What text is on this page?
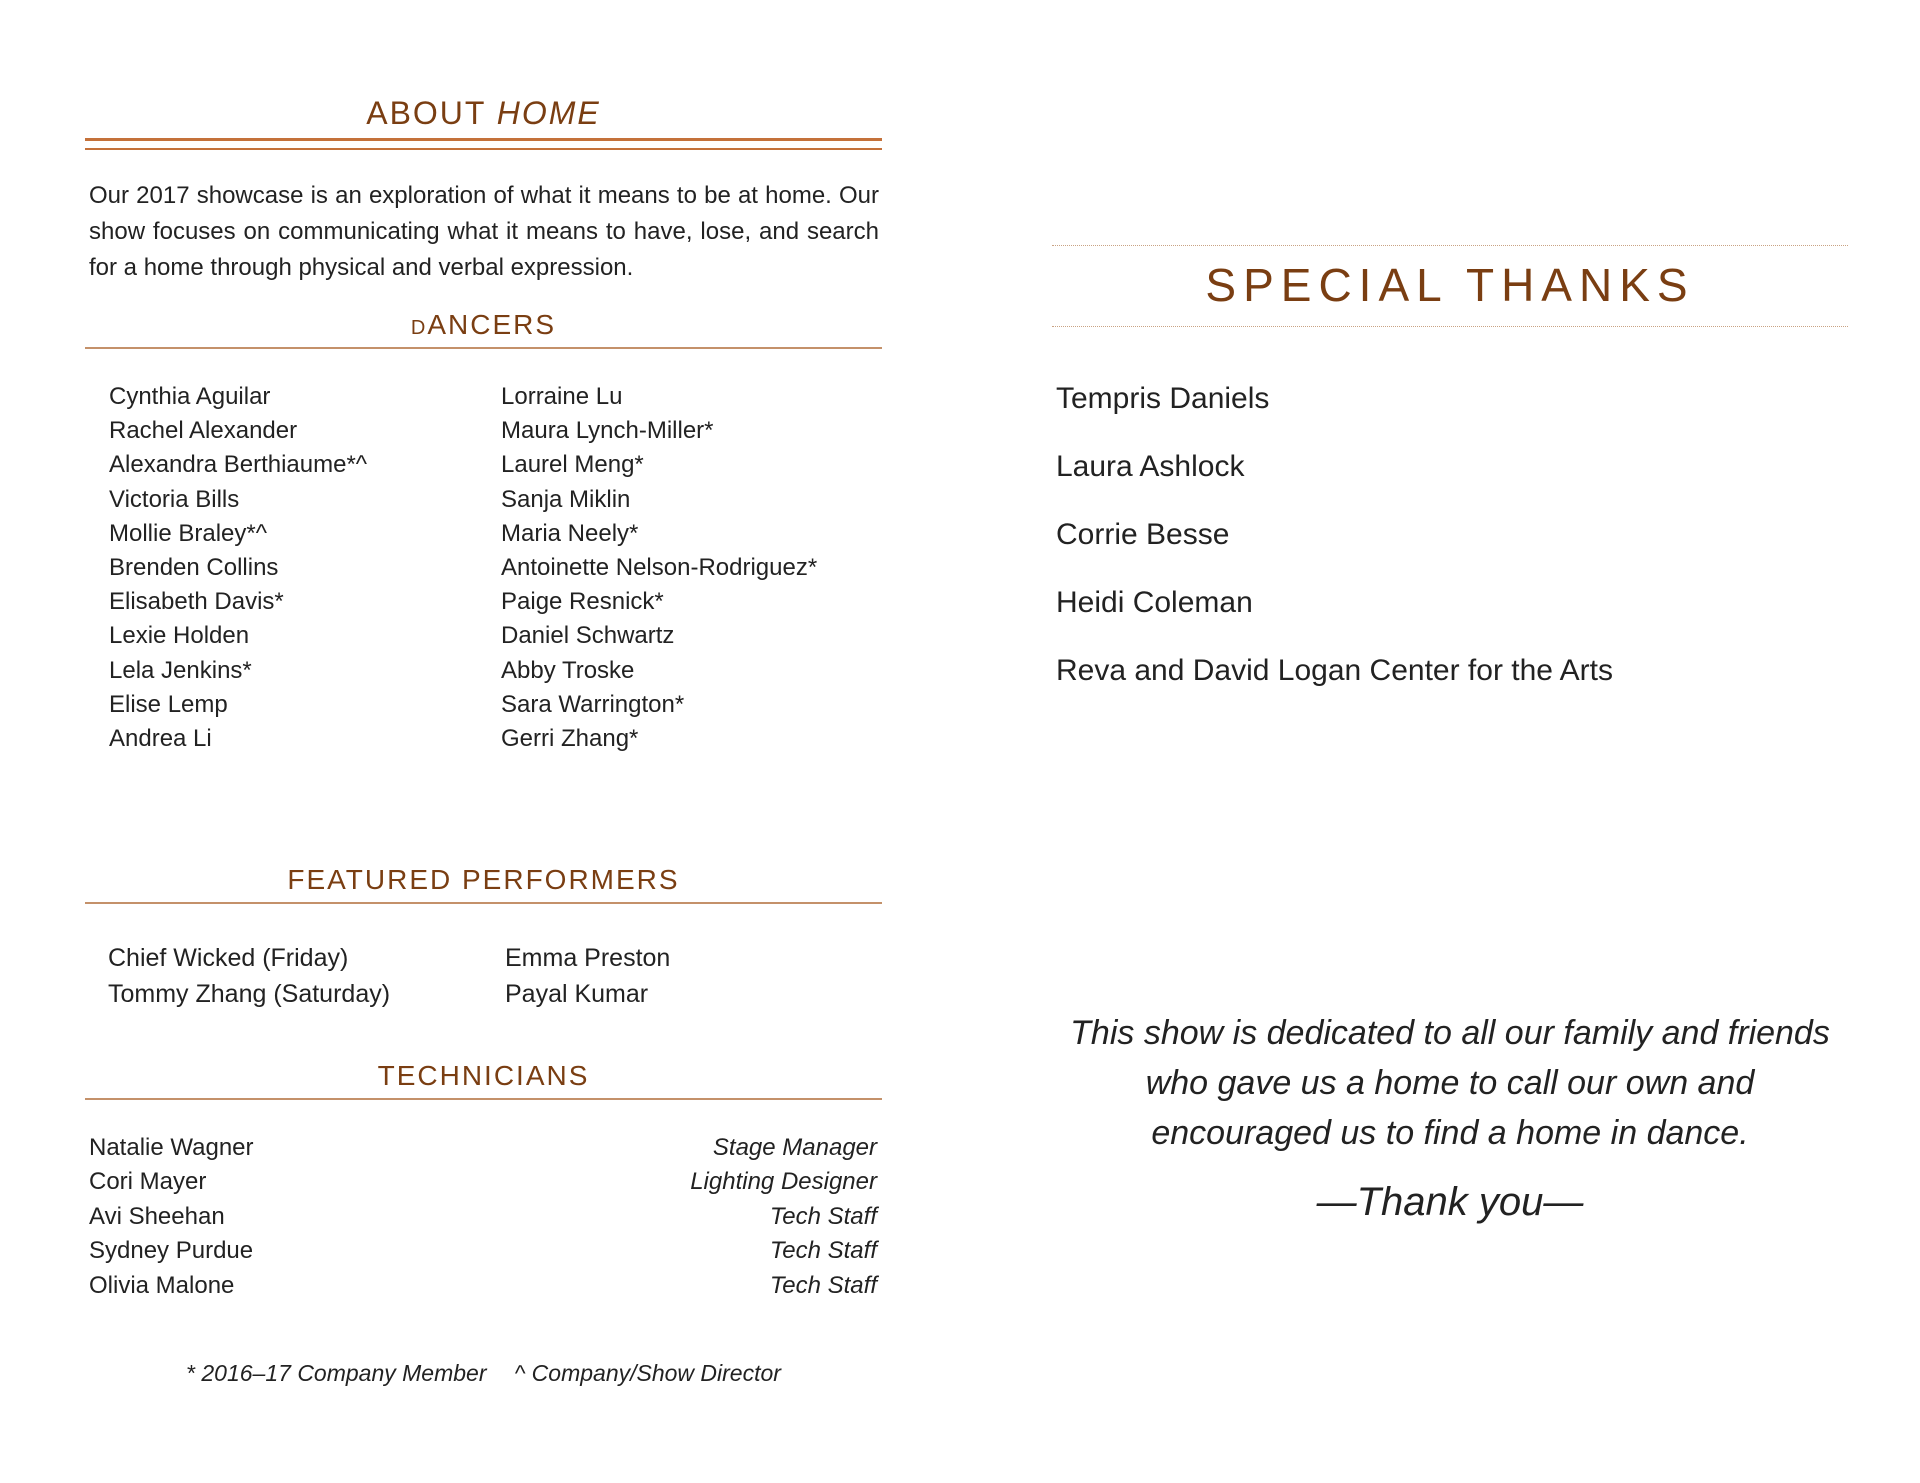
ABOUT HOME
Our 2017 showcase is an exploration of what it means to be at home. Our show focuses on communicating what it means to have, lose, and search for a home through physical and verbal expression.
DANCERS
Cynthia Aguilar
Rachel Alexander
Alexandra Berthiaume*^
Victoria Bills
Mollie Braley*^
Brenden Collins
Elisabeth Davis*
Lexie Holden
Lela Jenkins*
Elise Lemp
Andrea Li
Lorraine Lu
Maura Lynch-Miller*
Laurel Meng*
Sanja Miklin
Maria Neely*
Antoinette Nelson-Rodriguez*
Paige Resnick*
Daniel Schwartz
Abby Troske
Sara Warrington*
Gerri Zhang*
FEATURED PERFORMERS
Chief Wicked (Friday)
Tommy Zhang (Saturday)
Emma Preston
Payal Kumar
TECHNICIANS
Natalie Wagner	Stage Manager
Cori Mayer	Lighting Designer
Avi Sheehan	Tech Staff
Sydney Purdue	Tech Staff
Olivia Malone	Tech Staff
* 2016–17 Company Member ^ Company/Show Director
SPECIAL THANKS
Tempris Daniels
Laura Ashlock
Corrie Besse
Heidi Coleman
Reva and David Logan Center for the Arts
This show is dedicated to all our family and friends
who gave us a home to call our own and
encouraged us to find a home in dance.
—Thank you—
